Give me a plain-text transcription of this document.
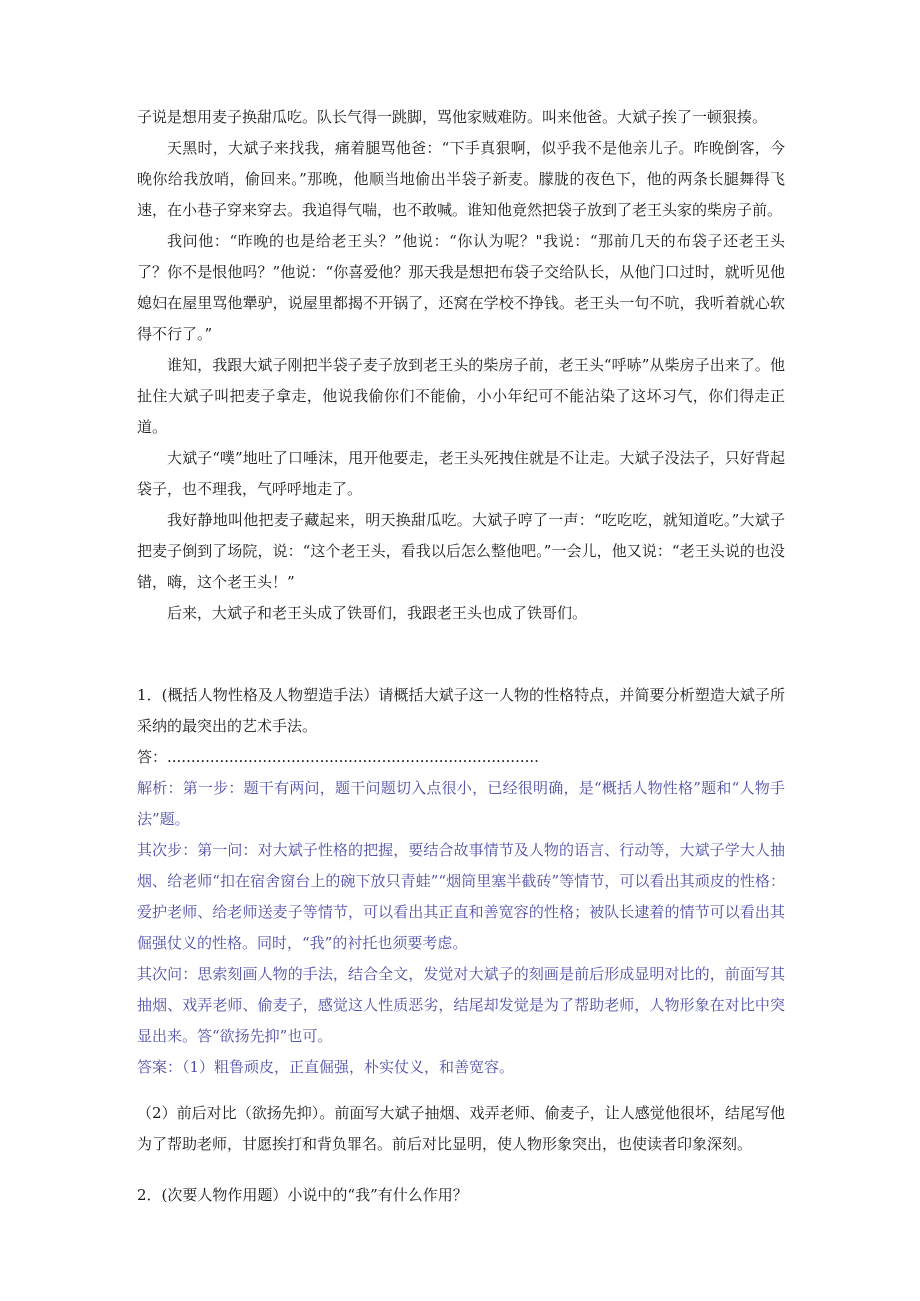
子说是想用麦子换甜瓜吃。队长气得一跳脚，骂他家贼难防。叫来他爸。大斌子挨了一顿狠揍。

天黑时，大斌子来找我，痛着腿骂他爸：“下手真狠啊，似乎我不是他亲儿子。昨晚倒客，今晚你给我放哨，偷回来。”那晚，他顺当地偷出半袋子新麦。朦胧的夜色下，他的两条长腿舞得飞速，在小巷子穿来穿去。我追得气喘，也不敢喊。谁知他竟然把袋子放到了老王头家的柴房子前。

我问他：“昨晚的也是给老王头？”他说：“你认为呢？"我说：“那前几天的布袋子还老王头了？你不是恨他吗？”他说：“你喜爱他？那天我是想把布袋子交给队长，从他门口过时，就听见他媳妇在屋里骂他犟驴，说屋里都揭不开锅了，还窝在学校不挣钱。老王头一句不吭，我听着就心软得不行了。”

谁知，我跟大斌子刚把半袋子麦子放到老王头的柴房子前，老王头“呼哧”从柴房子出来了。他扯住大斌子叫把麦子拿走，他说我偷你们不能偷，小小年纪可不能沾染了这坏习气，你们得走正道。

大斌子“噗”地吐了口唾沫，甩开他要走，老王头死拽住就是不让走。大斌子没法子，只好背起袋子，也不理我，气呼呼地走了。

我好静地叫他把麦子藏起来，明天换甜瓜吃。大斌子哼了一声：“吃吃吃，就知道吃。”大斌子把麦子倒到了场院，说：“这个老王头，看我以后怎么整他吧。”一会儿，他又说：“老王头说的也没错，嗨，这个老王头！”

后来，大斌子和老王头成了铁哥们，我跟老王头也成了铁哥们。

1．(概括人物性格及人物塑造手法）请概括大斌子这一人物的性格特点，并简要分析塑造大斌子所采纳的最突出的艺术手法。

答：..............................................................................

解析：第一步：题干有两问，题干问题切入点很小，已经很明确，是“概括人物性格”题和“人物手法”题。

其次步：第一问：对大斌子性格的把握，要结合故事情节及人物的语言、行动等，大斌子学大人抽烟、给老师“扣在宿舍窗台上的碗下放只青蛙”“烟筒里塞半截砖”等情节，可以看出其顽皮的性格：爱护老师、给老师送麦子等情节，可以看出其正直和善宽容的性格；被队长逮着的情节可以看出其倔强仗义的性格。同时，“我”的衬托也须要考虑。

其次问：思索刻画人物的手法，结合全文，发觉对大斌子的刻画是前后形成显明对比的，前面写其抽烟、戏弄老师、偷麦子，感觉这人性质恶劣，结尾却发觉是为了帮助老师，人物形象在对比中突显出来。答“欲扬先抑”也可。

答案：（1）粗鲁顽皮，正直倔强，朴实仗义，和善宽容。

（2）前后对比（欲扬先抑）。前面写大斌子抽烟、戏弄老师、偷麦子，让人感觉他很坏，结尾写他为了帮助老师，甘愿挨打和背负罪名。前后对比显明，使人物形象突出，也使读者印象深刻。

2．(次要人物作用题）小说中的“我”有什么作用？
